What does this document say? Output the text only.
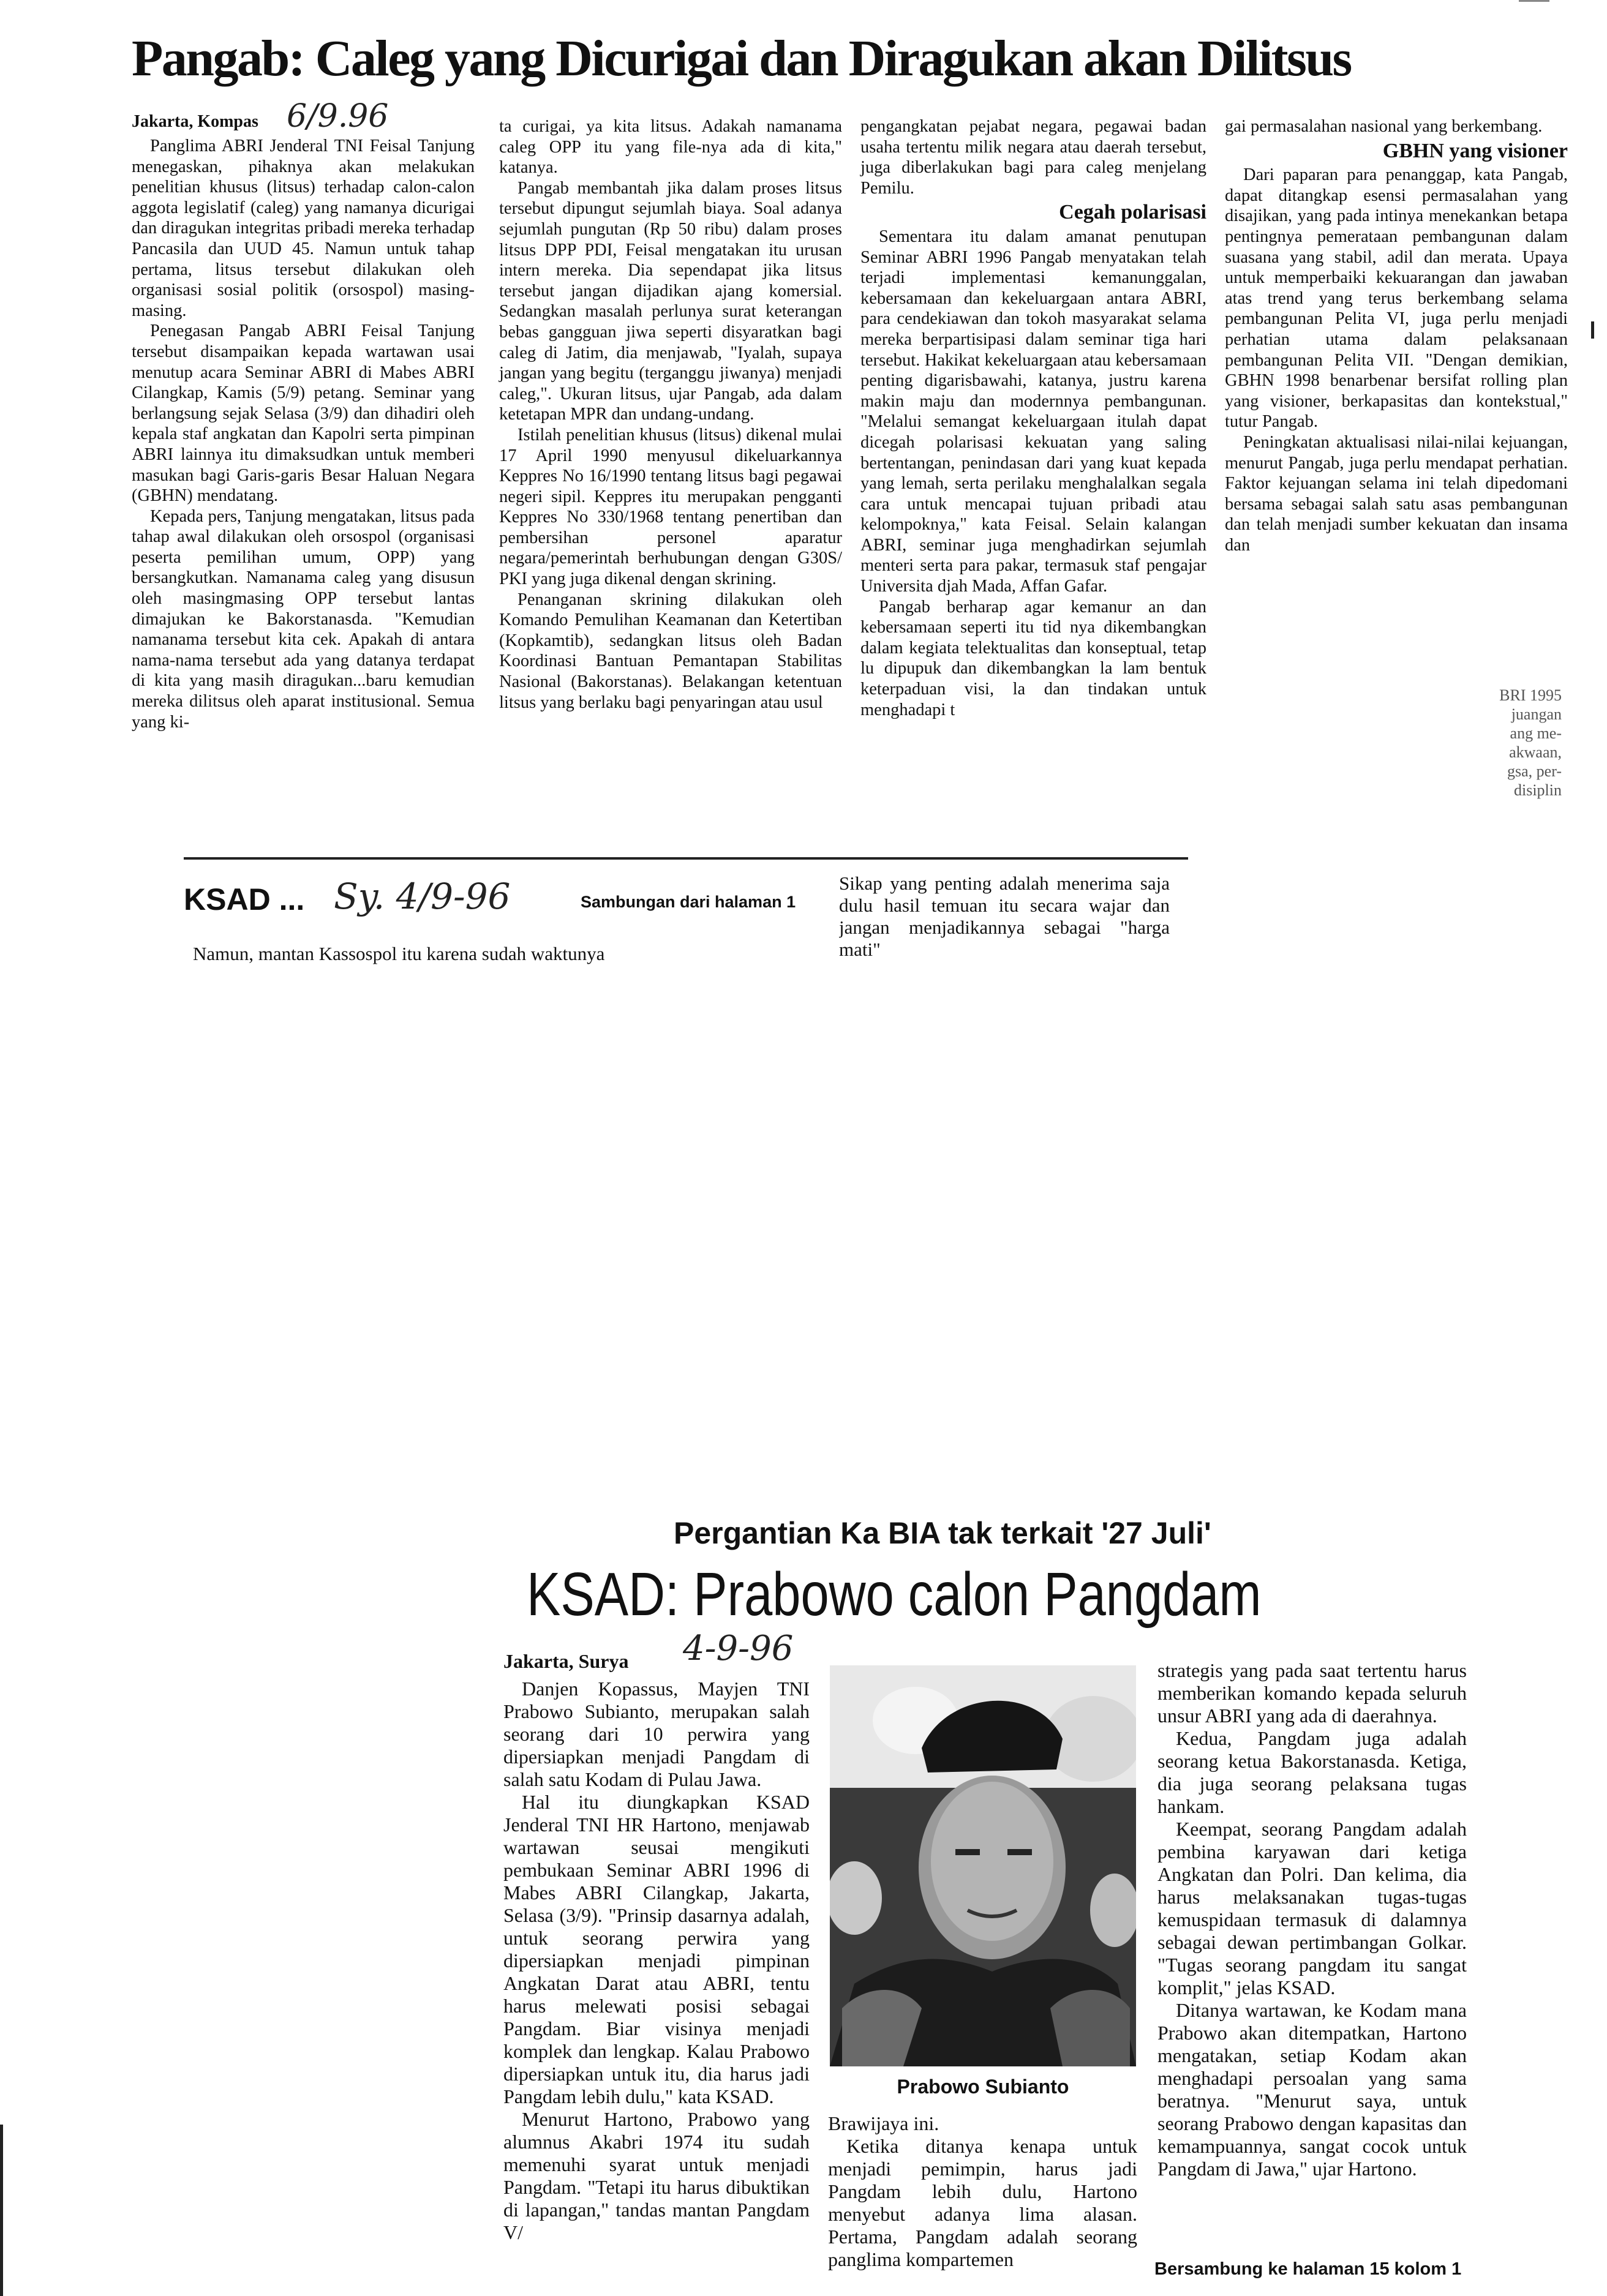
Pangab: Caleg yang Dicurigai dan Diragukan akan Dilitsus
Jakarta, Kompas 6/9.96

Panglima ABRI Jenderal TNI Feisal Tanjung menegaskan, pihaknya akan melakukan penelitian khusus (litsus) terhadap calon-calon aggota legislatif (caleg) yang namanya dicurigai dan diragukan integritas pribadi mereka terhadap Pancasila dan UUD 45. Namun untuk tahap pertama, litsus tersebut dilakukan oleh organisasi sosial politik (orsospol) masing-masing.

Penegasan Pangab ABRI Feisal Tanjung tersebut disampaikan kepada wartawan usai menutup acara Seminar ABRI di Mabes ABRI Cilangkap, Kamis (5/9) petang. Seminar yang berlangsung sejak Selasa (3/9) dan dihadiri oleh kepala staf angkatan dan Kapolri serta pimpinan ABRI lainnya itu dimaksudkan untuk memberi masukan bagi Garis-garis Besar Haluan Negara (GBHN) mendatang.

Kepada pers, Tanjung mengatakan, litsus pada tahap awal dilakukan oleh orsospol (organisasi peserta pemilihan umum, OPP) yang bersangkutkan. Namanama caleg yang disusun oleh masingmasing OPP tersebut lantas dimajukan ke Bakorstanasda. "Kemudian namanama tersebut kita cek. Apakah di antara nama-nama tersebut ada yang datanya terdapat di kita yang masih diragukan...baru kemudian mereka dilitsus oleh aparat institusional. Semua yang ki-

ta curigai, ya kita litsus. Adakah namanama caleg OPP itu yang file-nya ada di kita," katanya.

Pangab membantah jika dalam proses litsus tersebut dipungut sejumlah biaya. Soal adanya sejumlah pungutan (Rp 50 ribu) dalam proses litsus DPP PDI, Feisal mengatakan itu urusan intern mereka. Dia sependapat jika litsus tersebut jangan dijadikan ajang komersial. Sedangkan masalah perlunya surat keterangan bebas gangguan jiwa seperti disyaratkan bagi caleg di Jatim, dia menjawab, "Iyalah, supaya jangan yang begitu (terganggu jiwanya) menjadi caleg,". Ukuran litsus, ujar Pangab, ada dalam ketetapan MPR dan undang-undang.

Istilah penelitian khusus (litsus) dikenal mulai 17 April 1990 menyusul dikeluarkannya Keppres No 16/1990 tentang litsus bagi pegawai negeri sipil. Keppres itu merupakan pengganti Keppres No 330/1968 tentang penertiban dan pembersihan personel aparatur negara/pemerintah berhubungan dengan G30S/ PKI yang juga dikenal dengan skrining.

Penanganan skrining dilakukan oleh Komando Pemulihan Keamanan dan Ketertiban (Kopkamtib), sedangkan litsus oleh Badan Koordinasi Bantuan Pemantapan Stabilitas Nasional (Bakorstanas). Belakangan ketentuan litsus yang berlaku bagi penyaringan atau usul

pengangkatan pejabat negara, pegawai badan usaha tertentu milik negara atau daerah tersebut, juga diberlakukan bagi para caleg menjelang Pemilu.

Cegah polarisasi

Sementara itu dalam amanat penutupan Seminar ABRI 1996 Pangab menyatakan telah terjadi implementasi kemanunggalan, kebersamaan dan kekeluargaan antara ABRI, para cendekiawan dan tokoh masyarakat selama mereka berpartisipasi dalam seminar tiga hari tersebut. Hakikat kekeluargaan atau kebersamaan penting digarisbawahi, katanya, justru karena makin maju dan modernnya pembangunan. "Melalui semangat kekeluargaan itulah dapat dicegah polarisasi kekuatan yang saling bertentangan, penindasan dari yang kuat kepada yang lemah, serta perilaku menghalalkan segala cara untuk mencapai tujuan pribadi atau kelompoknya," kata Feisal. Selain kalangan ABRI, seminar juga menghadirkan sejumlah menteri serta para pakar, termasuk staf pengajar Universita djah Mada, Affan Gafar.

Pangab berharap agar kemanur an dan kebersamaan seperti itu tid nya dikembangkan dalam kegiata telektualitas dan konseptual, tetap lu dipupuk dan dikembangkan la lam bentuk keterpaduan visi, la dan tindakan untuk menghadapi t

gai permasalahan nasional yang berkembang.

GBHN yang visioner

Dari paparan para penanggap, kata Pangab, dapat ditangkap esensi permasalahan yang disajikan, yang pada intinya menekankan betapa pentingnya pemerataan pembangunan dalam suasana yang stabil, adil dan merata. Upaya untuk memperbaiki kekuarangan dan jawaban atas trend yang terus berkembang selama pembangunan Pelita VI, juga perlu menjadi perhatian utama dalam pelaksanaan pembangunan Pelita VII. "Dengan demikian, GBHN 1998 benarbenar bersifat rolling plan yang visioner, berkapasitas dan kontekstual," tutur Pangab.

Peningkatan aktualisasi nilai-nilai kejuangan, menurut Pangab, juga perlu mendapat perhatian. Faktor kejuangan selama ini telah dipedomani bersama sebagai salah satu asas pembangunan dan telah menjadi sumber kekuatan dan insama dan

BRI 1995
juangan
ang me-
akwaan,
gsa, per-
disiplin
KSAD ... Sy. 4/9-96	Sambungan dari halaman 1
Namun, mantan Kassospol itu karena sudah waktunya
Sikap yang penting adalah menerima saja dulu hasil temuan itu secara wajar dan jangan menjadikannya sebagai "harga mati"
Pergantian Ka BIA tak terkait '27 Juli'
KSAD: Prabowo calon Pangdam
Jakarta, Surya 4-9-96

Danjen Kopassus, Mayjen TNI Prabowo Subianto, merupakan salah seorang dari 10 perwira yang dipersiapkan menjadi Pangdam di salah satu Kodam di Pulau Jawa.

Hal itu diungkapkan KSAD Jenderal TNI HR Hartono, menjawab wartawan seusai mengikuti pembukaan Seminar ABRI 1996 di Mabes ABRI Cilangkap, Jakarta, Selasa (3/9). "Prinsip dasarnya adalah, untuk seorang perwira yang dipersiapkan menjadi pimpinan Angkatan Darat atau ABRI, tentu harus melewati posisi sebagai Pangdam. Biar visinya menjadi komplek dan lengkap. Kalau Prabowo dipersiapkan untuk itu, dia harus jadi Pangdam lebih dulu," kata KSAD.

Menurut Hartono, Prabowo yang alumnus Akabri 1974 itu sudah memenuhi syarat untuk menjadi Pangdam. "Tetapi itu harus dibuktikan di lapangan," tandas mantan Pangdam V/

Prabowo Subianto

Brawijaya ini.

Ketika ditanya kenapa untuk menjadi pemimpin, harus jadi Pangdam lebih dulu, Hartono menyebut adanya lima alasan. Pertama, Pangdam adalah seorang panglima kompartemen

strategis yang pada saat tertentu harus memberikan komando kepada seluruh unsur ABRI yang ada di daerahnya.

Kedua, Pangdam juga adalah seorang ketua Bakorstanasda. Ketiga, dia juga seorang pelaksana tugas hankam.

Keempat, seorang Pangdam adalah pembina karyawan dari ketiga Angkatan dan Polri. Dan kelima, dia harus melaksanakan tugas-tugas kemuspidaan termasuk di dalamnya sebagai dewan pertimbangan Golkar. "Tugas seorang pangdam itu sangat komplit," jelas KSAD.

Ditanya wartawan, ke Kodam mana Prabowo akan ditempatkan, Hartono mengatakan, setiap Kodam akan menghadapi persoalan yang sama beratnya. "Menurut saya, untuk seorang Prabowo dengan kapasitas dan kemampuannya, sangat cocok untuk Pangdam di Jawa," ujar Hartono.

Bersambung ke halaman 15 kolom 1
